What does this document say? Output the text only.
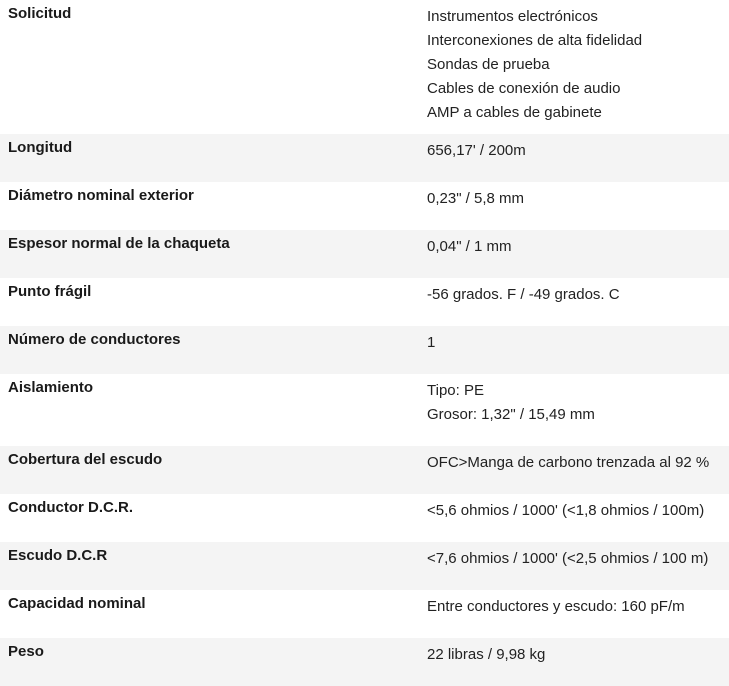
Solicitud	Instrumentos electrónicos
Interconexiones de alta fidelidad
Sondas de prueba
Cables de conexión de audio
AMP a cables de gabinete

Longitud	656,17' / 200m

Diámetro nominal exterior	0,23" / 5,8 mm

Espesor normal de la chaqueta	0,04" / 1 mm

Punto frágil	-56 grados. F / -49 grados. C

Número de conductores	1

Aislamiento	Tipo: PE
Grosor: 1,32" / 15,49 mm

Cobertura del escudo	OFC>Manga de carbono trenzada al 92 %

Conductor D.C.R.	<5,6 ohmios / 1000' (<1,8 ohmios / 100m)

Escudo D.C.R	<7,6 ohmios / 1000' (<2,5 ohmios / 100 m)

Capacidad nominal	Entre conductores y escudo: 160 pF/m

Peso	22 libras / 9,98 kg
